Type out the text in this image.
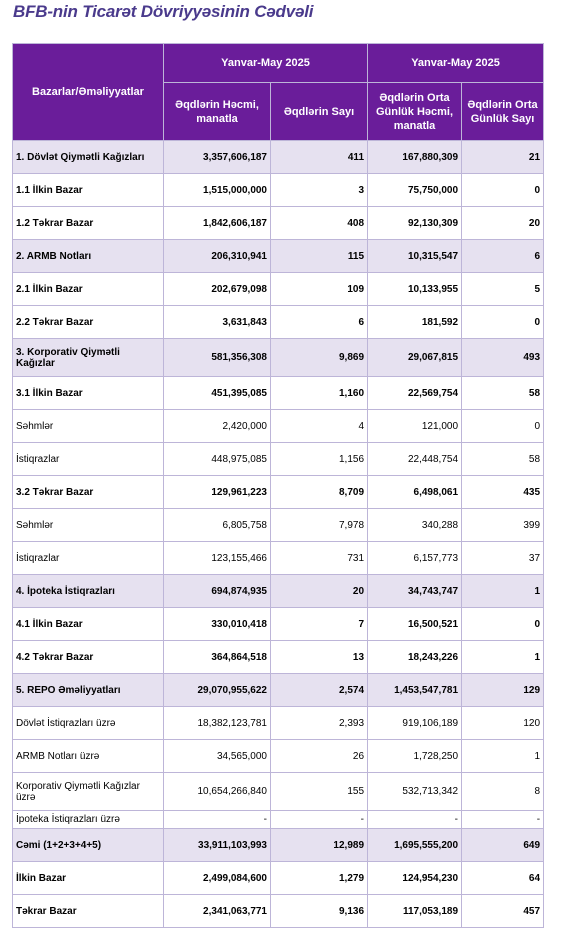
BFB-nin Ticarət Dövriyyəsinin Cədvəli
Bazarlar/Əməliyyatlar	Yanvar-May 2025		Yanvar-May 2025	
	Əqdlərin Həcmi, manatla	Əqdlərin Sayı	Əqdlərin Orta Günlük Həcmi, manatla	Əqdlərin Orta Günlük Sayı
1. Dövlət Qiymətli Kağızları	3,357,606,187	411	167,880,309	21
1.1 İlkin Bazar	1,515,000,000	3	75,750,000	0
1.2 Təkrar Bazar	1,842,606,187	408	92,130,309	20
2. ARMB Notları	206,310,941	115	10,315,547	6
2.1 İlkin Bazar	202,679,098	109	10,133,955	5
2.2 Təkrar Bazar	3,631,843	6	181,592	0
3. Korporativ Qiymətli Kağızlar	581,356,308	9,869	29,067,815	493
3.1 İlkin Bazar	451,395,085	1,160	22,569,754	58
Səhmlər	2,420,000	4	121,000	0
İstiqrazlar	448,975,085	1,156	22,448,754	58
3.2 Təkrar Bazar	129,961,223	8,709	6,498,061	435
Səhmlər	6,805,758	7,978	340,288	399
İstiqrazlar	123,155,466	731	6,157,773	37
4. İpoteka İstiqrazları	694,874,935	20	34,743,747	1
4.1 İlkin Bazar	330,010,418	7	16,500,521	0
4.2 Təkrar Bazar	364,864,518	13	18,243,226	1
5. REPO Əməliyyatları	29,070,955,622	2,574	1,453,547,781	129
Dövlət İstiqrazları üzrə	18,382,123,781	2,393	919,106,189	120
ARMB Notları üzrə	34,565,000	26	1,728,250	1
Korporativ Qiymətli Kağızlar üzrə	10,654,266,840	155	532,713,342	8
İpoteka İstiqrazları üzrə	-	-	-	-
Cəmi (1+2+3+4+5)	33,911,103,993	12,989	1,695,555,200	649
İlkin Bazar	2,499,084,600	1,279	124,954,230	64
Təkrar Bazar	2,341,063,771	9,136	117,053,189	457
